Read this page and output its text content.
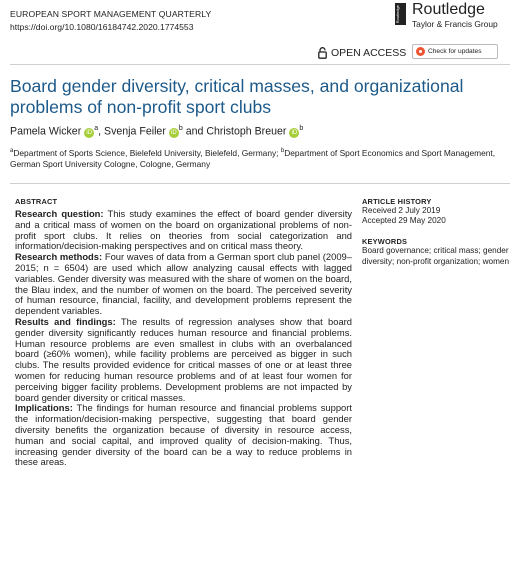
EUROPEAN SPORT MANAGEMENT QUARTERLY
https://doi.org/10.1080/16184742.2020.1774553
Routledge Routledge
Taylor & Francis Group
OPEN ACCESS	Check for updates
Board gender diversity, critical masses, and organizational problems of non-profit sport clubs
Pamela Wicker $iD^a$, Svenja Feiler $iD^b$ and Christoph Breuer $iD^b$
$^a$Department of Sports Science, Bielefeld University, Bielefeld, Germany; $^b$Department of Sport Economics and Sport Management, German Sport University Cologne, Cologne, Germany
ABSTRACT

Research question: This study examines the effect of board gender diversity and a critical mass of women on the board on organizational problems of non-profit sport clubs. It relies on theories from social categorization and information/decision-making perspectives and on critical mass theory.
Research methods: Four waves of data from a German sport club panel (2009–2015; n = 6504) are used which allow analyzing causal effects with lagged variables. Gender diversity was measured with the share of women on the board, the Blau index, and the number of women on the board. The perceived severity of human resource, financial, facility, and development problems represent the dependent variables.
Results and findings: The results of regression analyses show that board gender diversity significantly reduces human resource and financial problems. Human resource problems are even smallest in clubs with an overbalanced board (≥60% women), while facility problems are perceived as bigger in such clubs. The results provided evidence for critical masses of one or at least three women for reducing human resource problems and of at least four women for perceiving bigger facility problems. Development problems are not impacted by board gender diversity or critical masses.
Implications: The findings for human resource and financial problems support the information/decision-making perspective, suggesting that board gender diversity benefits the organization because of diversity in resource access, human and social capital, and improved quality of decision-making. Thus, increasing gender diversity of the board can be a way to reduce problems in these areas.

ARTICLE HISTORY
Received 2 July 2019
Accepted 29 May 2020
KEYWORDS
Board governance; critical mass; gender diversity; non-profit organization; women
